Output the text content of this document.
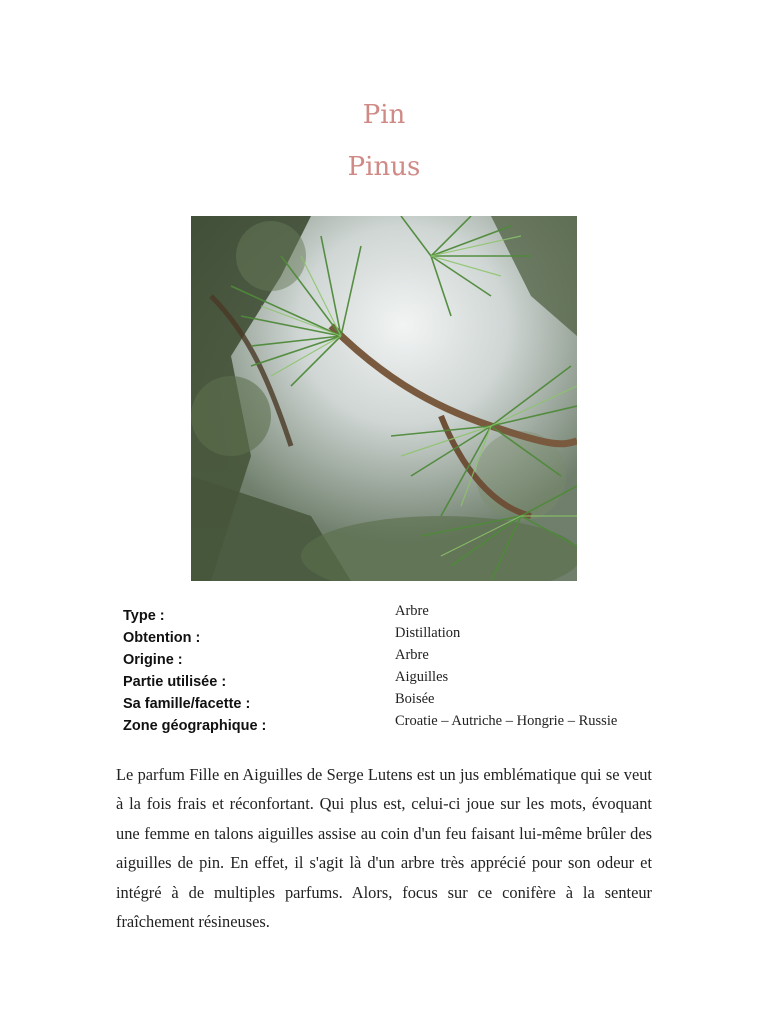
Pin
Pinus
Type :	Arbre
Obtention :	Distillation
Origine :	Arbre
Partie utilisée :	Aiguilles
Sa famille/facette :	Boisée
Zone géographique :	Croatie – Autriche – Hongrie – Russie

Le parfum Fille en Aiguilles de Serge Lutens est un jus emblématique qui se veut à la fois frais et réconfortant. Qui plus est, celui-ci joue sur les mots, évoquant une femme en talons aiguilles assise au coin d'un feu faisant lui-même brûler des aiguilles de pin. En effet, il s'agit là d'un arbre très apprécié pour son odeur et intégré à de multiples parfums. Alors, focus sur ce conifère à la senteur fraîchement résineuses.
